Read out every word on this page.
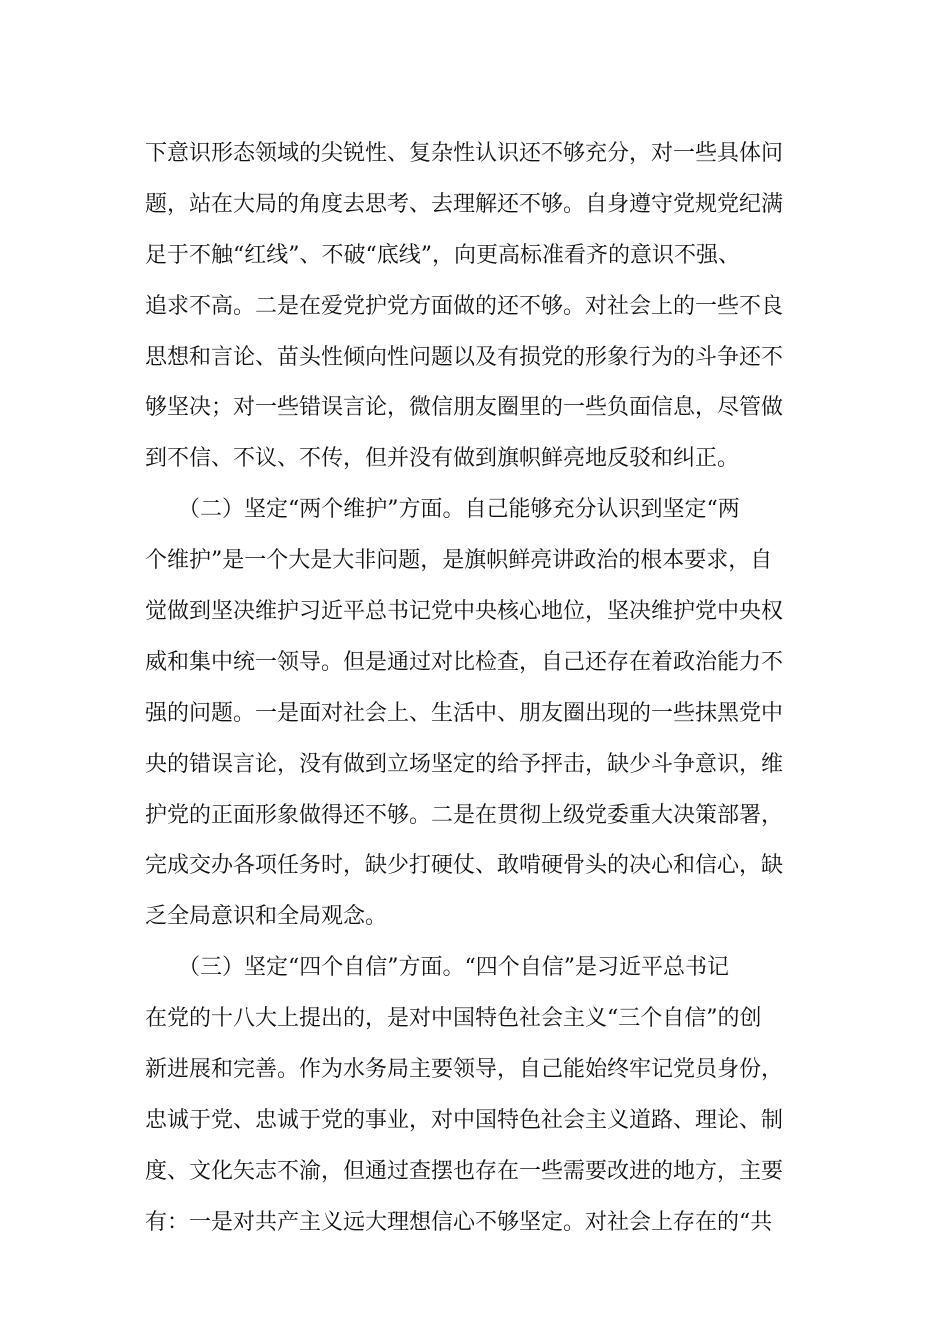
下意识形态领域的尖锐性、复杂性认识还不够充分，对一些具体问
题，站在大局的角度去思考、去理解还不够。自身遵守党规党纪满
足于不触“红线”、不破“底线”，向更高标准看齐的意识不强、
追求不高。二是在爱党护党方面做的还不够。对社会上的一些不良
思想和言论、苗头性倾向性问题以及有损党的形象行为的斗争还不
够坚决；对一些错误言论，微信朋友圈里的一些负面信息，尽管做
到不信、不议、不传，但并没有做到旗帜鲜亮地反驳和纠正。
　　（二）坚定“两个维护”方面。自己能够充分认识到坚定“两
个维护”是一个大是大非问题，是旗帜鲜亮讲政治的根本要求，自
觉做到坚决维护习近平总书记党中央核心地位，坚决维护党中央权
威和集中统一领导。但是通过对比检查，自己还存在着政治能力不
强的问题。一是面对社会上、生活中、朋友圈出现的一些抹黑党中
央的错误言论，没有做到立场坚定的给予抨击，缺少斗争意识，维
护党的正面形象做得还不够。二是在贯彻上级党委重大决策部署，
完成交办各项任务时，缺少打硬仗、敢啃硬骨头的决心和信心，缺
乏全局意识和全局观念。
　　（三）坚定“四个自信”方面。“四个自信”是习近平总书记
在党的十八大上提出的，是对中国特色社会主义“三个自信”的创
新进展和完善。作为水务局主要领导，自己能始终牢记党员身份，
忠诚于党、忠诚于党的事业，对中国特色社会主义道路、理论、制
度、文化矢志不渝，但通过查摆也存在一些需要改进的地方，主要
有：一是对共产主义远大理想信心不够坚定。对社会上存在的“共
